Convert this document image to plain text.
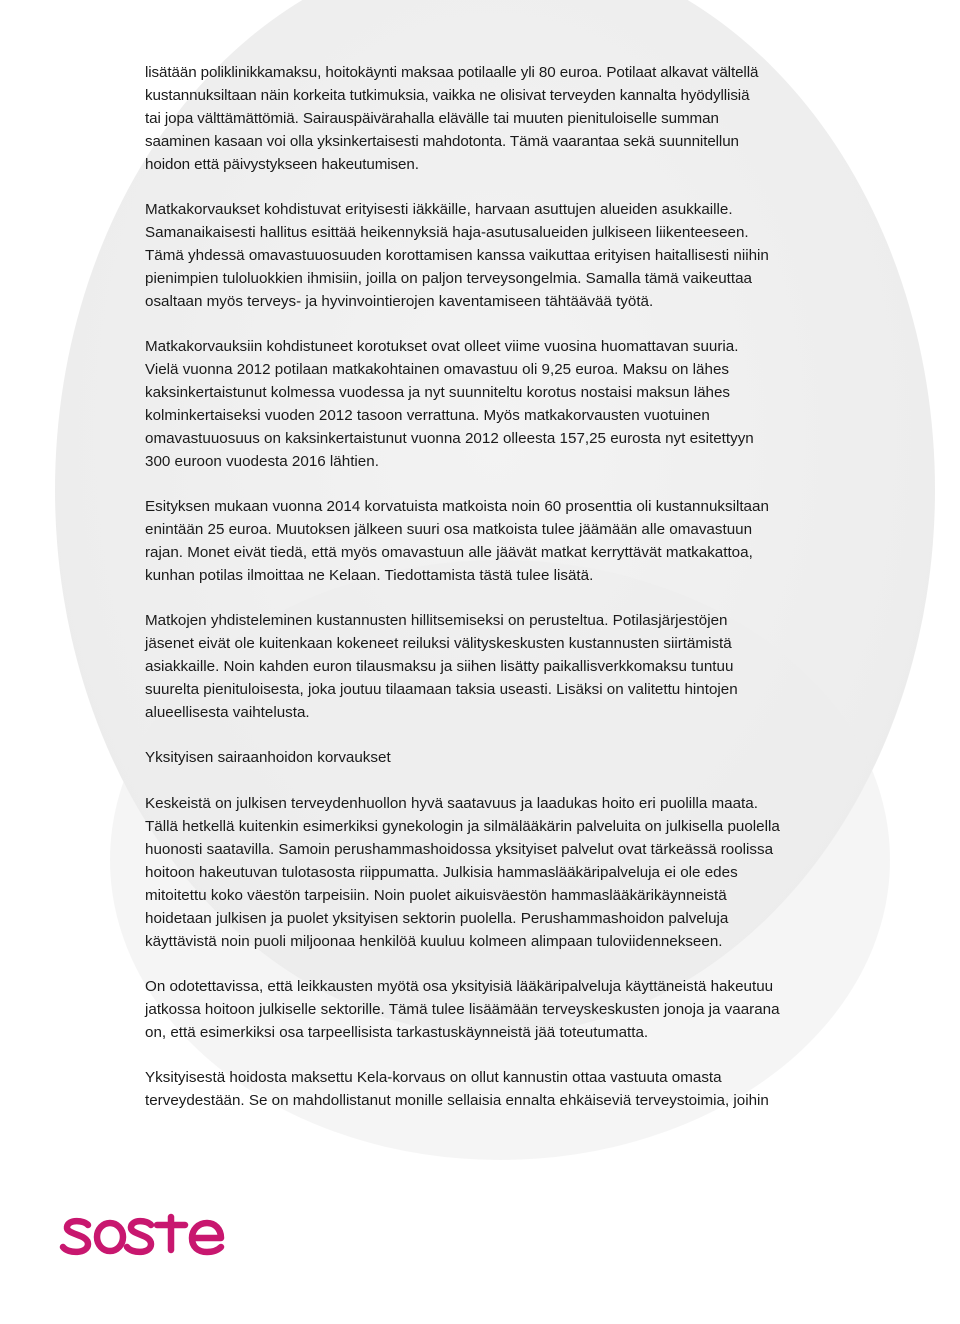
lisätään poliklinikkamaksu, hoitokäynti maksaa potilaalle yli 80 euroa. Potilaat alkavat vältellä
kustannuksiltaan näin korkeita tutkimuksia, vaikka ne olisivat terveyden kannalta hyödyllisiä
tai jopa välttämättömiä. Sairauspäivärahalla elävälle tai muuten pienituloiselle summan
saaminen kasaan voi olla yksinkertaisesti mahdotonta. Tämä vaarantaa sekä suunnitellun
hoidon että päivystykseen hakeutumisen.
Matkakorvaukset kohdistuvat erityisesti iäkkäille, harvaan asuttujen alueiden asukkaille.
Samanaikaisesti hallitus esittää heikennyksiä haja-asutusalueiden julkiseen liikenteeseen.
Tämä yhdessä omavastuuosuuden korottamisen kanssa vaikuttaa erityisen haitallisesti niihin
pienimpien tuloluokkien ihmisiin, joilla on paljon terveysongelmia. Samalla tämä vaikeuttaa
osaltaan myös terveys- ja hyvinvointierojen kaventamiseen tähtäävää työtä.
Matkakorvauksiin kohdistuneet korotukset ovat olleet viime vuosina huomattavan suuria.
Vielä vuonna 2012 potilaan matkakohtainen omavastuu oli 9,25 euroa. Maksu on lähes
kaksinkertaistunut kolmessa vuodessa ja nyt suunniteltu korotus nostaisi maksun lähes
kolminkertaiseksi vuoden 2012 tasoon verrattuna. Myös matkakorvausten vuotuinen
omavastuuosuus on kaksinkertaistunut vuonna 2012 olleesta 157,25 eurosta nyt esitettyyn
300 euroon vuodesta 2016 lähtien.
Esityksen mukaan vuonna 2014 korvatuista matkoista noin 60 prosenttia oli kustannuksiltaan
enintään 25 euroa. Muutoksen jälkeen suuri osa matkoista tulee jäämään alle omavastuun
rajan. Monet eivät tiedä, että myös omavastuun alle jäävät matkat kerryttävät matkakattoa,
kunhan potilas ilmoittaa ne Kelaan. Tiedottamista tästä tulee lisätä.
Matkojen yhdisteleminen kustannusten hillitsemiseksi on perusteltua. Potilasjärjestöjen
jäsenet eivät ole kuitenkaan kokeneet reiluksi välityskeskusten kustannusten siirtämistä
asiakkaille. Noin kahden euron tilausmaksu ja siihen lisätty paikallisverkkomaksu tuntuu
suurelta pienituloisesta, joka joutuu tilaamaan taksia useasti. Lisäksi on valitettu hintojen
alueellisesta vaihtelusta.
Yksityisen sairaanhoidon korvaukset
Keskeistä on julkisen terveydenhuollon hyvä saatavuus ja laadukas hoito eri puolilla maata.
Tällä hetkellä kuitenkin esimerkiksi gynekologin ja silmälääkärin palveluita on julkisella puolella
huonosti saatavilla. Samoin perushammashoidossa yksityiset palvelut ovat tärkeässä roolissa
hoitoon hakeutuvan tulotasosta riippumatta. Julkisia hammaslääkäripalveluja ei ole edes
mitoitettu koko väestön tarpeisiin. Noin puolet aikuisväestön hammaslääkärikäynneistä
hoidetaan julkisen ja puolet yksityisen sektorin puolella. Perushammashoidon palveluja
käyttävistä noin puoli miljoonaa henkilöä kuuluu kolmeen alimpaan tuloviidennekseen.
On odotettavissa, että leikkausten myötä osa yksityisiä lääkäripalveluja käyttäneistä hakeutuu
jatkossa hoitoon julkiselle sektorille. Tämä tulee lisäämään terveyskeskusten jonoja ja vaarana
on, että esimerkiksi osa tarpeellisista tarkastuskäynneistä jää toteutumatta.
Yksityisestä hoidosta maksettu Kela-korvaus on ollut kannustin ottaa vastuuta omasta
terveydestään. Se on mahdollistanut monille sellaisia ennalta ehkäiseviä terveystoimia, joihin
